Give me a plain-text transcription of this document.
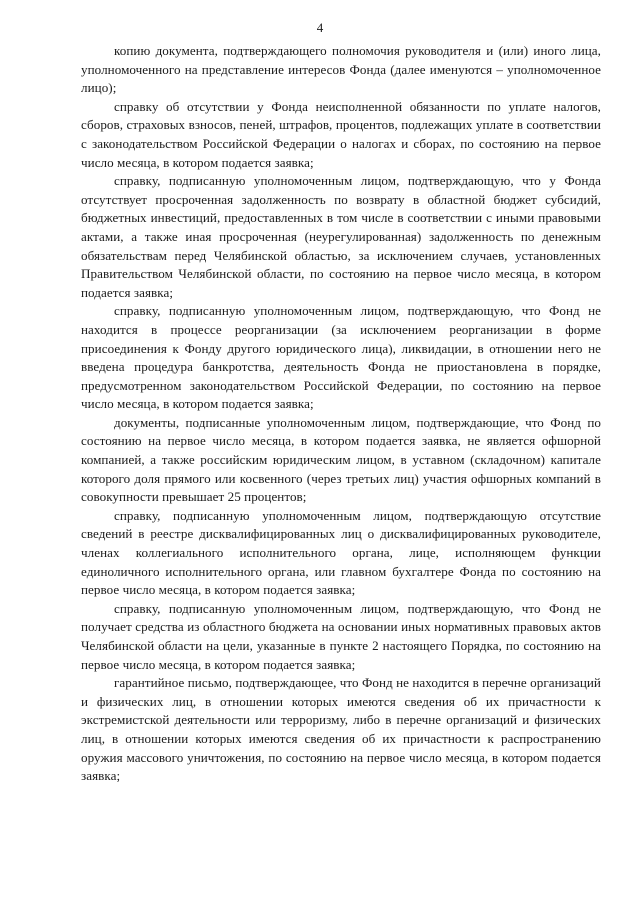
4

копию документа, подтверждающего полномочия руководителя и (или) иного лица, уполномоченного на представление интересов Фонда (далее именуются – уполномоченное лицо);

справку об отсутствии у Фонда неисполненной обязанности по уплате налогов, сборов, страховых взносов, пеней, штрафов, процентов, подлежащих уплате в соответствии с законодательством Российской Федерации о налогах и сборах, по состоянию на первое число месяца, в котором подается заявка;

справку, подписанную уполномоченным лицом, подтверждающую, что у Фонда отсутствует просроченная задолженность по возврату в областной бюджет субсидий, бюджетных инвестиций, предоставленных в том числе в соответствии с иными правовыми актами, а также иная просроченная (неурегулированная) задолженность по денежным обязательствам перед Челябинской областью, за исключением случаев, установленных Правительством Челябинской области, по состоянию на первое число месяца, в котором подается заявка;

справку, подписанную уполномоченным лицом, подтверждающую, что Фонд не находится в процессе реорганизации (за исключением реорганизации в форме присоединения к Фонду другого юридического лица), ликвидации, в отношении него не введена процедура банкротства, деятельность Фонда не приостановлена в порядке, предусмотренном законодательством Российской Федерации, по состоянию на первое число месяца, в котором подается заявка;

документы, подписанные уполномоченным лицом, подтверждающие, что Фонд по состоянию на первое число месяца, в котором подается заявка, не является офшорной компанией, а также российским юридическим лицом, в уставном (складочном) капитале которого доля прямого или косвенного (через третьих лиц) участия офшорных компаний в совокупности превышает 25 процентов;

справку, подписанную уполномоченным лицом, подтверждающую отсутствие сведений в реестре дисквалифицированных лиц о дисквалифицированных руководителе, членах коллегиального исполнительного органа, лице, исполняющем функции единоличного исполнительного органа, или главном бухгалтере Фонда по состоянию на первое число месяца, в котором подается заявка;

справку, подписанную уполномоченным лицом, подтверждающую, что Фонд не получает средства из областного бюджета на основании иных нормативных правовых актов Челябинской области на цели, указанные в пункте 2 настоящего Порядка, по состоянию на первое число месяца, в котором подается заявка;

гарантийное письмо, подтверждающее, что Фонд не находится в перечне организаций и физических лиц, в отношении которых имеются сведения об их причастности к экстремистской деятельности или терроризму, либо в перечне организаций и физических лиц, в отношении которых имеются сведения об их причастности к распространению оружия массового уничтожения, по состоянию на первое число месяца, в котором подается заявка;
